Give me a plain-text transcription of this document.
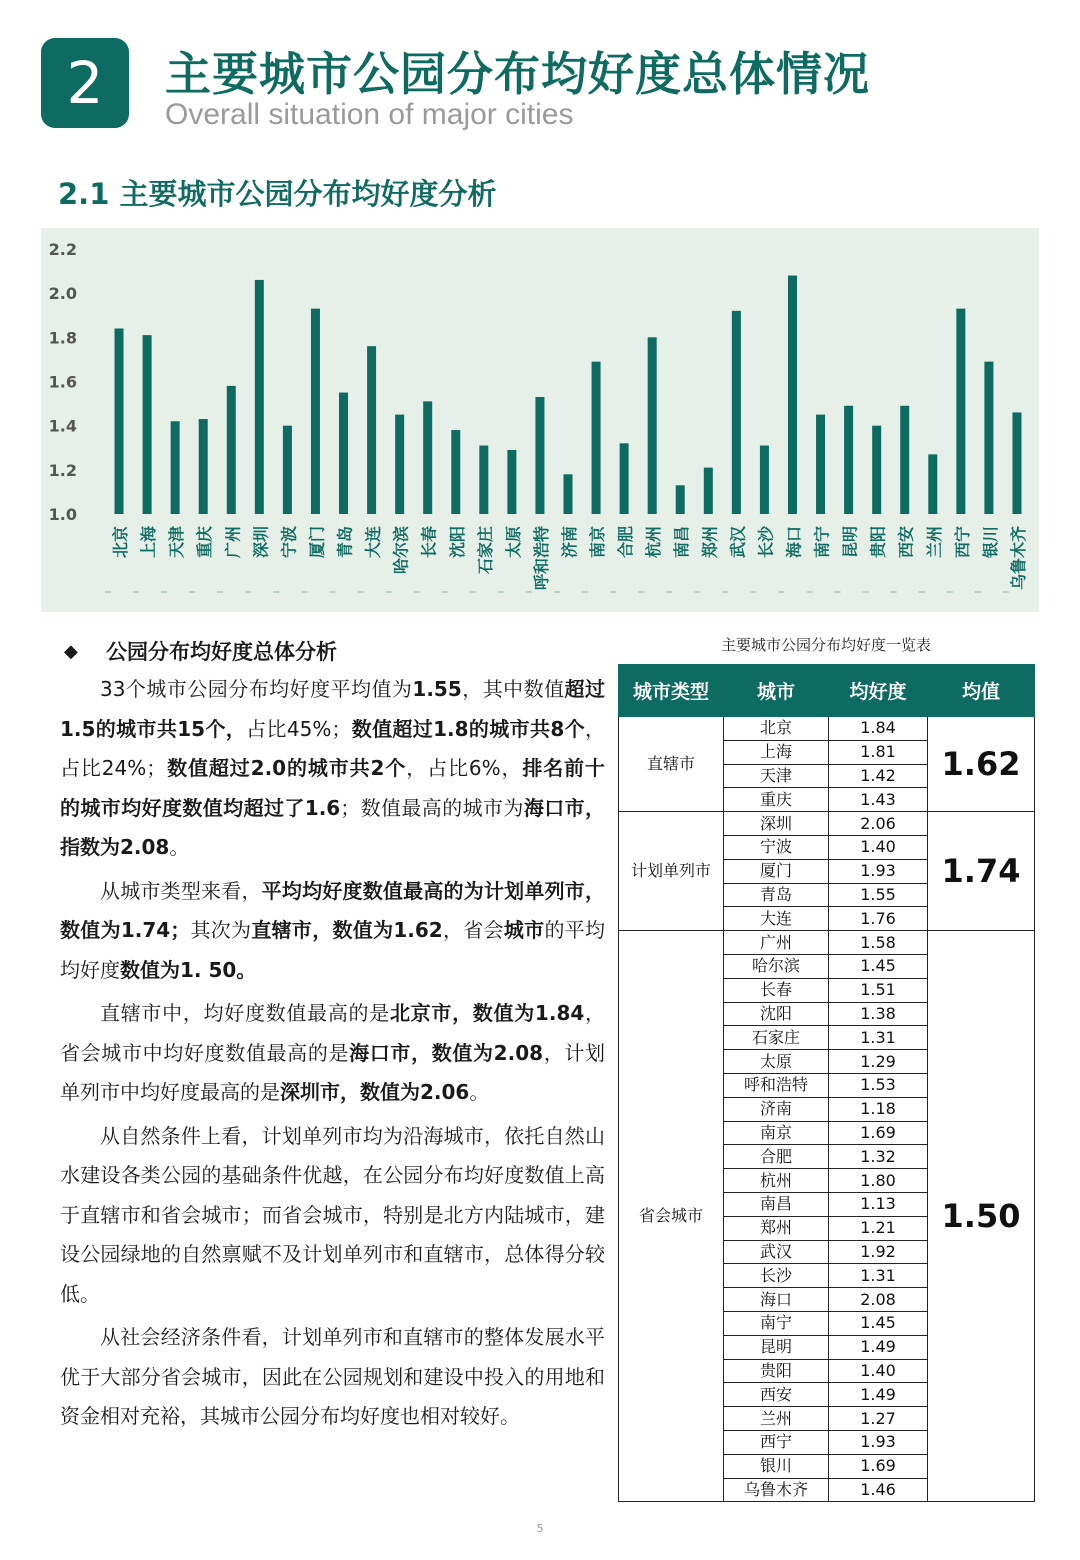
2	主要城市公园分布均好度总体情况
Overall situation of major cities
2.1 主要城市公园分布均好度分析
1.0
1.2
1.4
1.6
1.8
2.0
2.2
北京 上海 天津 重庆 广州 深圳 宁波 厦门 青岛 大连 哈尔滨 长春 沈阳 石家庄 太原 呼和浩特 济南 南京 合肥 杭州 南昌 郑州 武汉 长沙 海口 南宁 昆明 贵阳 西安 兰州 西宁 银川 乌鲁木齐
◆ 公园分布均好度总体分析
33个城市公园分布均好度平均值为1.55，其中数值超过1.5的城市共15个，占比45%；数值超过1.8的城市共8个，占比24%；数值超过2.0的城市共2个，占比6%，排名前十的城市均好度数值均超过了1.6；数值最高的城市为海口市，指数为2.08。
从城市类型来看，平均均好度数值最高的为计划单列市，数值为1.74；其次为直辖市，数值为1.62，省会城市的平均均好度数值为1. 50。
直辖市中，均好度数值最高的是北京市，数值为1.84，省会城市中均好度数值最高的是海口市，数值为2.08，计划单列市中均好度最高的是深圳市，数值为2.06。
从自然条件上看，计划单列市均为沿海城市，依托自然山水建设各类公园的基础条件优越，在公园分布均好度数值上高于直辖市和省会城市；而省会城市，特别是北方内陆城市，建设公园绿地的自然禀赋不及计划单列市和直辖市，总体得分较低。
从社会经济条件看，计划单列市和直辖市的整体发展水平优于大部分省会城市，因此在公园规划和建设中投入的用地和资金相对充裕，其城市公园分布均好度也相对较好。
主要城市公园分布均好度一览表
城市类型	城市	均好度	均值
直辖市	北京	1.84	1.62
	上海	1.81	
	天津	1.42	
	重庆	1.43	
计划单列市	深圳	2.06	1.74
	宁波	1.40	
	厦门	1.93	
	青岛	1.55	
	大连	1.76	
省会城市	广州	1.58	1.50
	哈尔滨	1.45	
	长春	1.51	
	沈阳	1.38	
	石家庄	1.31	
	太原	1.29	
	呼和浩特	1.53	
	济南	1.18	
	南京	1.69	
	合肥	1.32	
	杭州	1.80	
	南昌	1.13	
	郑州	1.21	
	武汉	1.92	
	长沙	1.31	
	海口	2.08	
	南宁	1.45	
	昆明	1.49	
	贵阳	1.40	
	西安	1.49	
	兰州	1.27	
	西宁	1.93	
	银川	1.69	
	乌鲁木齐	1.46	
5
